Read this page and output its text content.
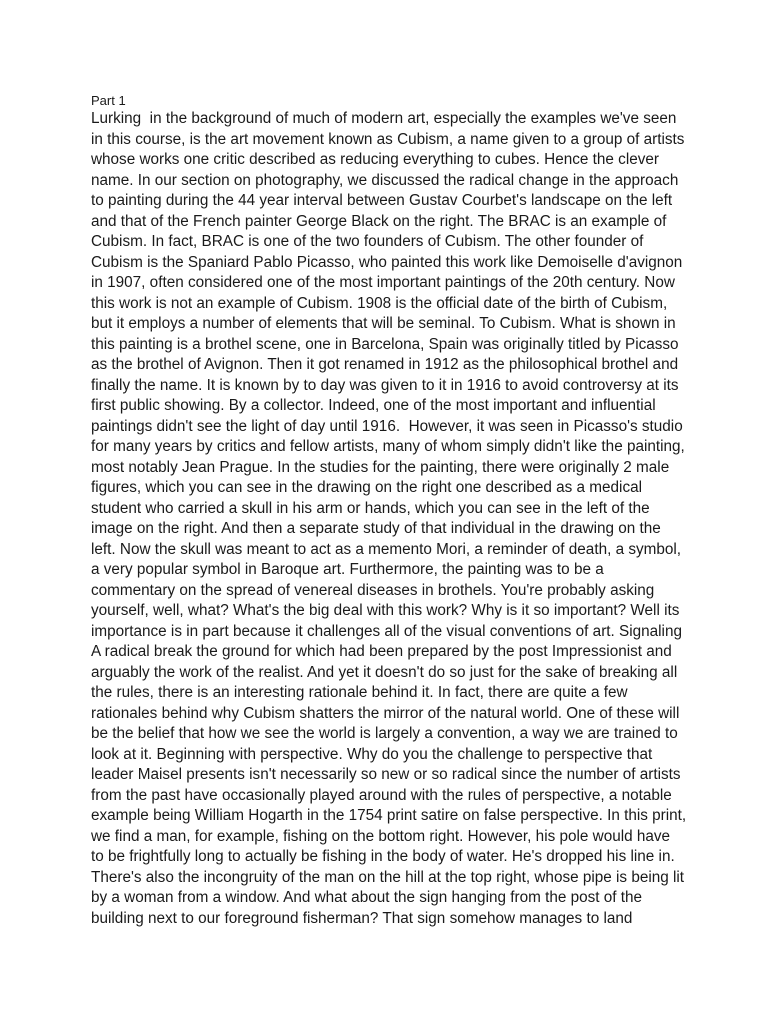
Part 1
Lurking  in the background of much of modern art, especially the examples we've seen
in this course, is the art movement known as Cubism, a name given to a group of artists
whose works one critic described as reducing everything to cubes. Hence the clever
name. In our section on photography, we discussed the radical change in the approach
to painting during the 44 year interval between Gustav Courbet's landscape on the left
and that of the French painter George Black on the right. The BRAC is an example of
Cubism. In fact, BRAC is one of the two founders of Cubism. The other founder of
Cubism is the Spaniard Pablo Picasso, who painted this work like Demoiselle d'avignon
in 1907, often considered one of the most important paintings of the 20th century. Now
this work is not an example of Cubism. 1908 is the official date of the birth of Cubism,
but it employs a number of elements that will be seminal. To Cubism. What is shown in
this painting is a brothel scene, one in Barcelona, Spain was originally titled by Picasso
as the brothel of Avignon. Then it got renamed in 1912 as the philosophical brothel and
finally the name. It is known by to day was given to it in 1916 to avoid controversy at its
first public showing. By a collector. Indeed, one of the most important and influential
paintings didn't see the light of day until 1916.  However, it was seen in Picasso's studio
for many years by critics and fellow artists, many of whom simply didn't like the painting,
most notably Jean Prague. In the studies for the painting, there were originally 2 male
figures, which you can see in the drawing on the right one described as a medical
student who carried a skull in his arm or hands, which you can see in the left of the
image on the right. And then a separate study of that individual in the drawing on the
left. Now the skull was meant to act as a memento Mori, a reminder of death, a symbol,
a very popular symbol in Baroque art. Furthermore, the painting was to be a
commentary on the spread of venereal diseases in brothels. You're probably asking
yourself, well, what? What's the big deal with this work? Why is it so important? Well its
importance is in part because it challenges all of the visual conventions of art. Signaling
A radical break the ground for which had been prepared by the post Impressionist and
arguably the work of the realist. And yet it doesn't do so just for the sake of breaking all
the rules, there is an interesting rationale behind it. In fact, there are quite a few
rationales behind why Cubism shatters the mirror of the natural world. One of these will
be the belief that how we see the world is largely a convention, a way we are trained to
look at it. Beginning with perspective. Why do you the challenge to perspective that
leader Maisel presents isn't necessarily so new or so radical since the number of artists
from the past have occasionally played around with the rules of perspective, a notable
example being William Hogarth in the 1754 print satire on false perspective. In this print,
we find a man, for example, fishing on the bottom right. However, his pole would have
to be frightfully long to actually be fishing in the body of water. He's dropped his line in.
There's also the incongruity of the man on the hill at the top right, whose pipe is being lit
by a woman from a window. And what about the sign hanging from the post of the
building next to our foreground fisherman? That sign somehow manages to land
